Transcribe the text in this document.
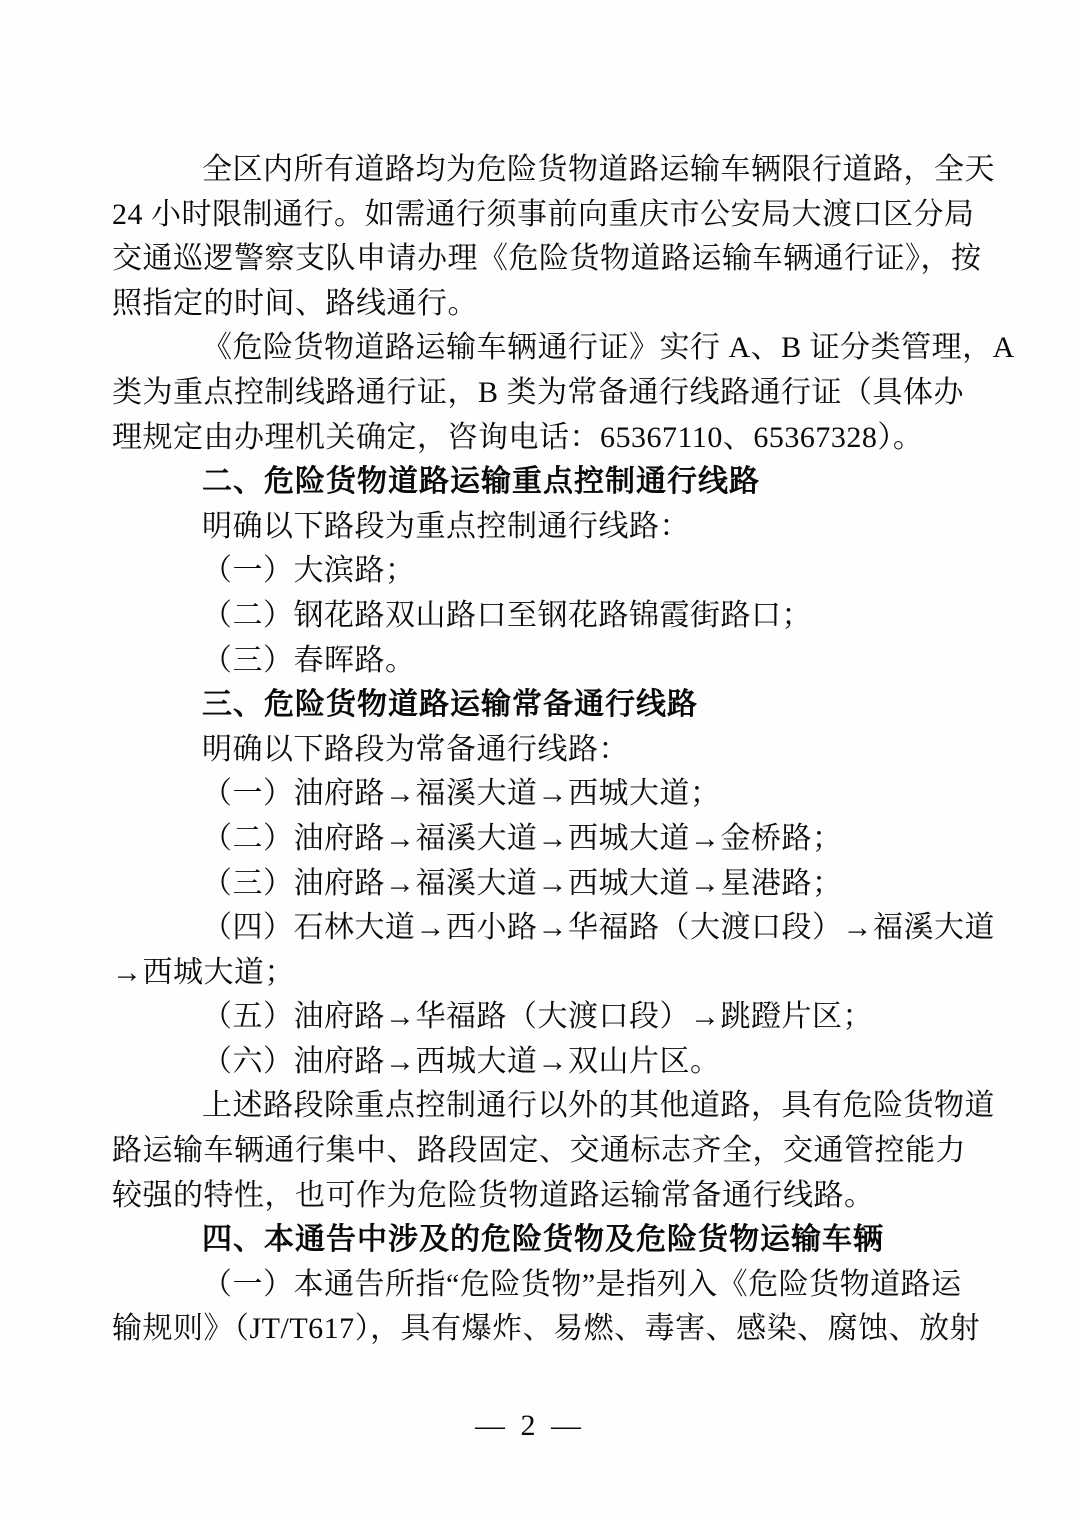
全区内所有道路均为危险货物道路运输车辆限行道路，全天
24 小时限制通行。如需通行须事前向重庆市公安局大渡口区分局
交通巡逻警察支队申请办理《危险货物道路运输车辆通行证》，按
照指定的时间、路线通行。
《危险货物道路运输车辆通行证》实行 A、B 证分类管理，A
类为重点控制线路通行证，B 类为常备通行线路通行证（具体办
理规定由办理机关确定，咨询电话：65367110、65367328）。
二、危险货物道路运输重点控制通行线路
明确以下路段为重点控制通行线路：
（一）大滨路；
（二）钢花路双山路口至钢花路锦霞街路口；
（三）春晖路。
三、危险货物道路运输常备通行线路
明确以下路段为常备通行线路：
（一）油府路→福溪大道→西城大道；
（二）油府路→福溪大道→西城大道→金桥路；
（三）油府路→福溪大道→西城大道→星港路；
（四）石林大道→西小路→华福路（大渡口段）→福溪大道
→西城大道；
（五）油府路→华福路（大渡口段）→跳蹬片区；
（六）油府路→西城大道→双山片区。
上述路段除重点控制通行以外的其他道路，具有危险货物道
路运输车辆通行集中、路段固定、交通标志齐全，交通管控能力
较强的特性，也可作为危险货物道路运输常备通行线路。
四、本通告中涉及的危险货物及危险货物运输车辆
（一）本通告所指“危险货物”是指列入《危险货物道路运
输规则》（JT/T617），具有爆炸、易燃、毒害、感染、腐蚀、放射
— 2 —
